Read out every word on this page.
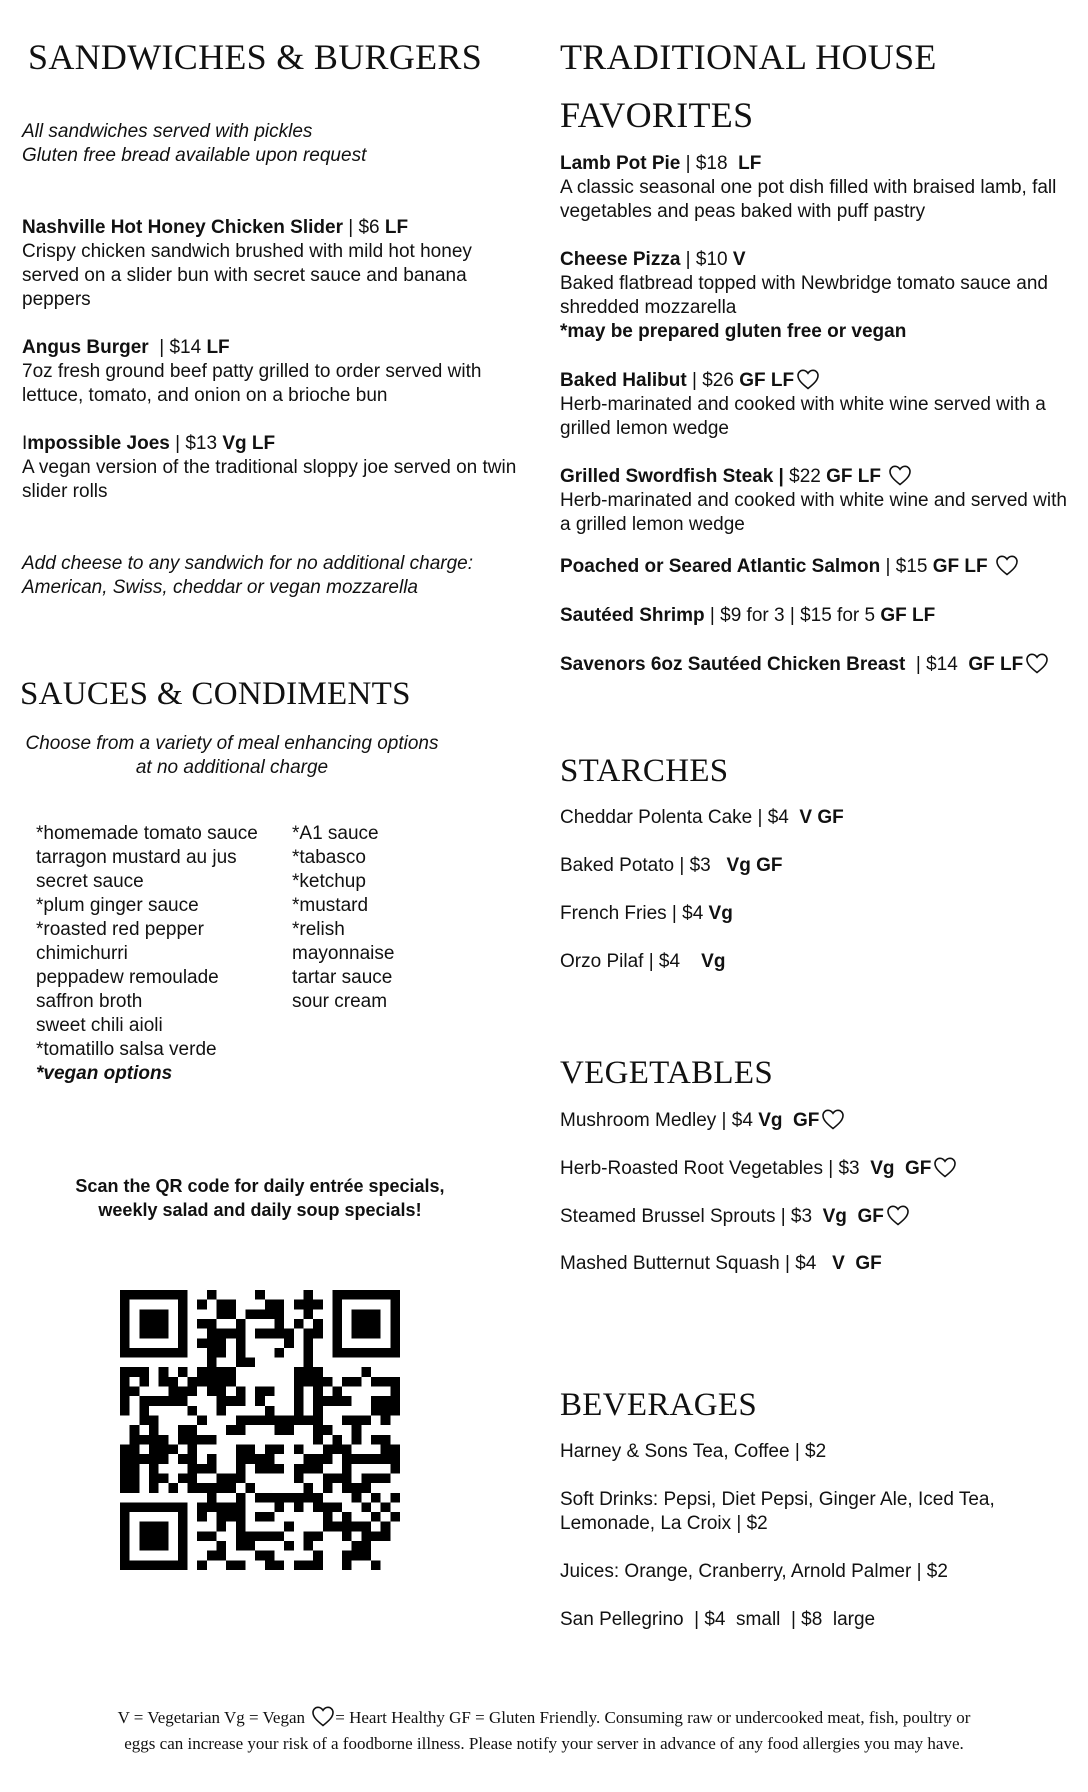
SANDWICHES & BURGERS
All sandwiches served with pickles
Gluten free bread available upon request
Nashville Hot Honey Chicken Slider | $6 LF
Crispy chicken sandwich brushed with mild hot honey served on a slider bun with secret sauce and banana peppers
Angus Burger  | $14 LF
7oz fresh ground beef patty grilled to order served with lettuce, tomato, and onion on a brioche bun
Impossible Joes | $13 Vg LF
A vegan version of the traditional sloppy joe served on twin slider rolls
Add cheese to any sandwich for no additional charge:
American, Swiss, cheddar or vegan mozzarella
SAUCES & CONDIMENTS
Choose from a variety of meal enhancing options
at no additional charge
*homemade tomato sauce
tarragon mustard au jus
secret sauce
*plum ginger sauce
*roasted red pepper
chimichurri
peppadew remoulade
saffron broth
sweet chili aioli
*tomatillo salsa verde
*vegan options
*A1 sauce
*tabasco
*ketchup
*mustard
*relish
mayonnaise
tartar sauce
sour cream
Scan the QR code for daily entrée specials,
weekly salad and daily soup specials!
TRADITIONAL HOUSE
FAVORITES
Lamb Pot Pie | $18  LF
A classic seasonal one pot dish filled with braised lamb, fall vegetables and peas baked with puff pastry
Cheese Pizza | $10 V
Baked flatbread topped with Newbridge tomato sauce and shredded mozzarella
*may be prepared gluten free or vegan
Baked Halibut | $26 GF LF
Herb-marinated and cooked with white wine served with a grilled lemon wedge
Grilled Swordfish Steak | $22 GF LF
Herb-marinated and cooked with white wine and served with a grilled lemon wedge
Poached or Seared Atlantic Salmon | $15 GF LF
Sautéed Shrimp | $9 for 3 | $15 for 5 GF LF
Savenors 6oz Sautéed Chicken Breast  | $14  GF LF
STARCHES
Cheddar Polenta Cake | $4  V GF
Baked Potato | $3   Vg GF
French Fries | $4 Vg
Orzo Pilaf | $4    Vg
VEGETABLES
Mushroom Medley | $4 Vg  GF
Herb-Roasted Root Vegetables | $3  Vg  GF
Steamed Brussel Sprouts | $3  Vg  GF
Mashed Butternut Squash | $4   V  GF
BEVERAGES
Harney & Sons Tea, Coffee | $2
Soft Drinks: Pepsi, Diet Pepsi, Ginger Ale, Iced Tea, Lemonade, La Croix | $2
Juices: Orange, Cranberry, Arnold Palmer | $2
San Pellegrino  | $4  small  | $8  large
V = Vegetarian Vg = Vegan
= Heart Healthy GF = Gluten Friendly. Consuming raw or undercooked meat, fish, poultry or
eggs can increase your risk of a foodborne illness. Please notify your server in advance of any food allergies you may have.
